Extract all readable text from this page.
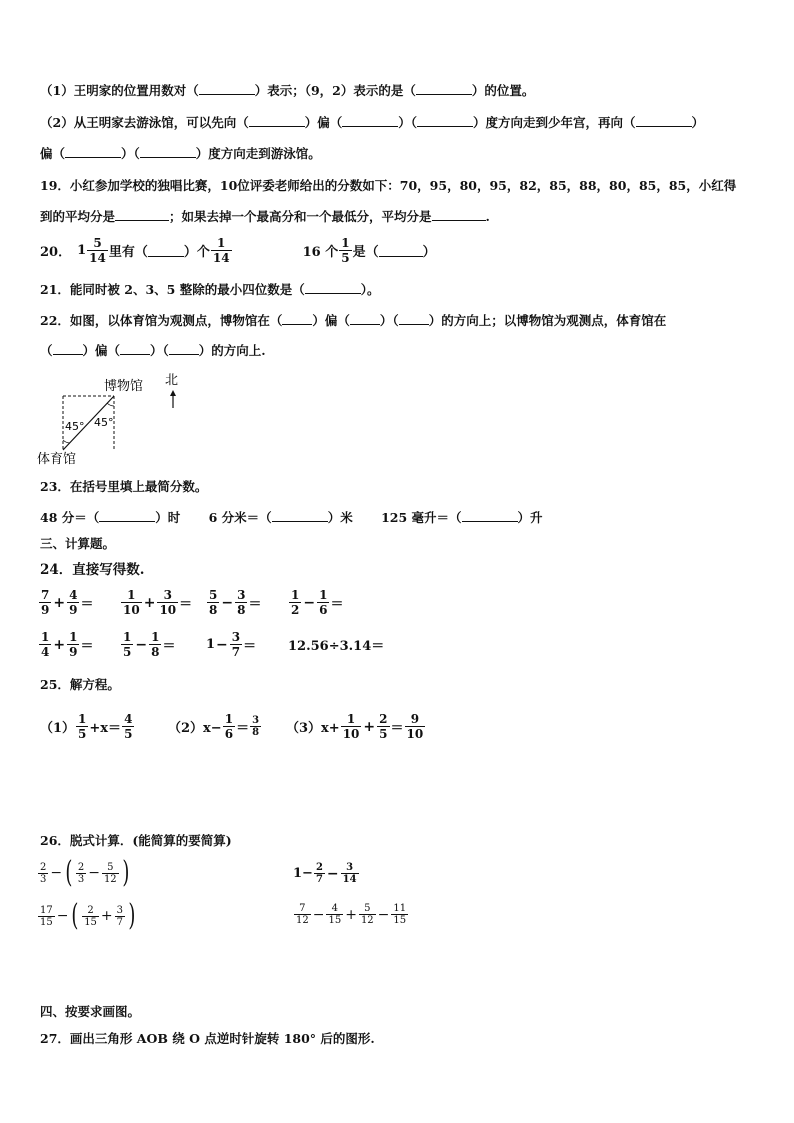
（1）王明家的位置用数对（	）表示；（9，2）表示的是（	）的位置。
（2）从王明家去游泳馆，可以先向（	）偏（	）（	）度方向走到少年宫，再向（	）
偏（	）（	）度方向走到游泳馆。
19．小红参加学校的独唱比赛，10位评委老师给出的分数如下：70，95，80，95，82，85，88，80，85，85，小红得
到的平均分是	；如果去掉一个最高分和一个最低分，平均分是	.
20． $1 \frac{5}{14}$ 里有（	）个 $\frac{1}{14}$	16 个 $\frac{1}{5}$ 是（	）
21．能同时被 2、3、5 整除的最小四位数是（	）。
22．如图，以体育馆为观测点，博物馆在（ ）偏（ ）（ ）的方向上；以博物馆为观测点，体育馆在
（ ）偏（ ）（ ）的方向上.
45° 45°
博物馆
体育馆
北
23．在括号里填上最简分数。
48 分＝（	）时 6 分米＝（	）米 125 毫升＝（	）升
三、计算题。
24．直接写得数.
$\frac{7}{9} + \frac{4}{9} = \frac{1}{10} + \frac{3}{10} = \frac{5}{8} - \frac{3}{8} = \frac{1}{2} - \frac{1}{6}$ ＝
$\frac{1}{4} + \frac{1}{9} = \frac{1}{5} - \frac{1}{8} = 1 - \frac{3}{7} = 12.56\div 3.14=$
25．解方程。
$(1) \frac{1}{5} +x= \frac{4}{5}$	$(2)x- \frac{1}{6} = \frac{3}{8} (3)x+ \frac{1}{10} + \frac{2}{5} = \frac{9}{10}$
26．脱式计算．(能简算的要简算)
$\frac{2}{3}$ − ( $\frac{2}{3} - \frac{5}{12}$ )	$1- \frac{2}{7} - \frac{3}{14}$
$\frac{17}{15}$ − ( $\frac{2}{15} + \frac{3}{7}$ )	$\frac{7}{12} - \frac{4}{15} + \frac{5}{12} - \frac{11}{15}$
四、按要求画图。
27．画出三角形 AOB 绕 O 点逆时针旋转 180° 后的图形.
